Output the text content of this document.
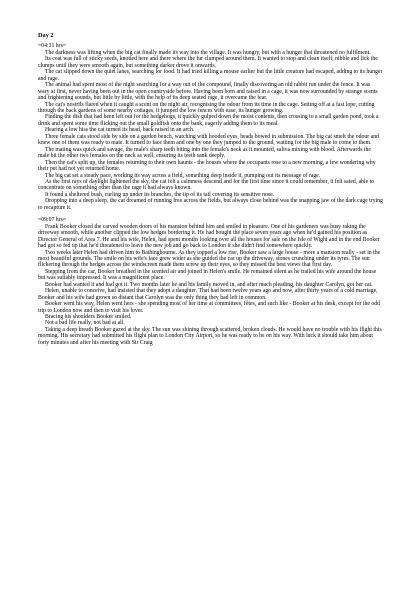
Day 2
=04:31 hrs=

The darkness was lifting when the big cat finally made its way into the village. It was hungry, but with a hunger that threatened no fulfilment.

Its coat was full of sticky seeds, knotted here and there where the fur clumped around them. It wanted to stop and clean itself, nibble and lick the clumps until they were smooth again, but something darker drove it onwards.

The cat slipped down the quiet lanes, searching for food. It had tried killing a mouse earlier but the little creature had escaped, adding to its hunger and rage.

The animal had spent most of the night searching for a way out of the compound, finally discovering an old rabbit run under the fence. It was wary at first, never having been out in the open countryside before. Having been born and raised in a cage, it was now surrounded by strange scents and frightening sounds, but little by little, with the help of its deep seated rage, it overcame the fear.

The cat's nostrils flared when it caught a scent on the night air, recognising the odour from its time in the cage. Setting off at a fast lope, cutting through the back gardens of some nearby cottages, it jumped the low fences with ease, its hunger growing.

Finding the dish that had been left out for the hedgehogs, it quickly gulped down the moist contents, then crossing to a small garden pond, took a drink and spent some time flicking out the small goldfish onto the bank, eagerly adding them to its meal.

Hearing a low hiss the cat turned its head, back raised in an arch.

Three female cats stood side by side on a garden bench, watching with hooded eyes, heads bowed in submission. The big cat smelt the odour and knew one of them was ready to mate. It turned to face them and one by one they jumped to the ground, waiting for the big male to come to them.

The mating was quick and savage, the male's sharp teeth biting into the female's neck as it mounted, saliva mixing with blood. Afterwards the male bit the other two females on the neck as well, ensuring its teeth sank deeply.

Then the cat's split up, the females returning to their own haunts - the houses where the occupants rose to a new morning, a few wondering why their pet had not yet returned home.

The big cat set a steady pace, working its way across a field, something deep inside it, pumping out its message of rage.

As the first rays of daylight lightened the sky, the cat felt a calmness descend and for the first time since it could remember, it felt sated, able to concentrate on something other than the rage it had always known.

It found a sheltered bush, curling up under its branches, the tip of its tail covering its sensitive nose.

Dropping into a deep sleep, the cat dreamed of running free across the fields, but always close behind was the snapping jaw of the dark cage trying to recapture it.

=09:07 hrs=

Frank Booker closed the carved wooden doors of his mansion behind him and smiled in pleasure. One of his gardeners was busy raking the driveway smooth, while another clipped the low hedges bordering it. He had bought the place seven years ago when he'd gained his position as Director General of Area 7. He and his wife, Helen, had spent months looking over all the houses for sale on the Isle of Wight and in the end Booker had got so fed up that he'd threatened to leave the new job and go back to London if she didn't find somewhere quickly.

Two weeks later Helen had driven him to Bathingbourne. As they topped a low rise, Booker saw a large house - more a mansion really - set in the most beautiful grounds. The smile on his wife's face grew wider as she guided the car up the driveway, stones crunching under its tyres. The sun flickering through the hedges across the windscreen made them screw up their eyes, so they missed the best views that first day.

Stepping from the car, Booker breathed in the scented air and joined in Helen's smile. He remained silent as he trailed his wife around the house but was suitably impressed. It was a magnificent place.

Booker had wanted it and had got it. Two months later he and his family moved in, and after much pleading, his daughter Carolyn, got her cat.

Helen, unable to conceive, had insisted that they adopt a daughter. That had been twelve years ago and now, after thirty years of a cold marriage, Booker and his wife had grown so distant that Carolyn was the only thing they had left in common.

Booker went his way, Helen went hers - she spending most of her time at committees, fêtes, and such like - Booker at his desk, except for the odd trip to London now and then to visit his lover.

Bracing his shoulders Booker smiled.

Not a bad life really, not bad at all.

Taking a deep breath Booker gazed at the sky. The sun was shining through scattered, broken clouds. He would have no trouble with his flight this morning. His secretary had submitted his flight plan to London City Airport, so he was ready to be on his way. With luck it should take him about forty minutes and after his meeting with Sir Craig
